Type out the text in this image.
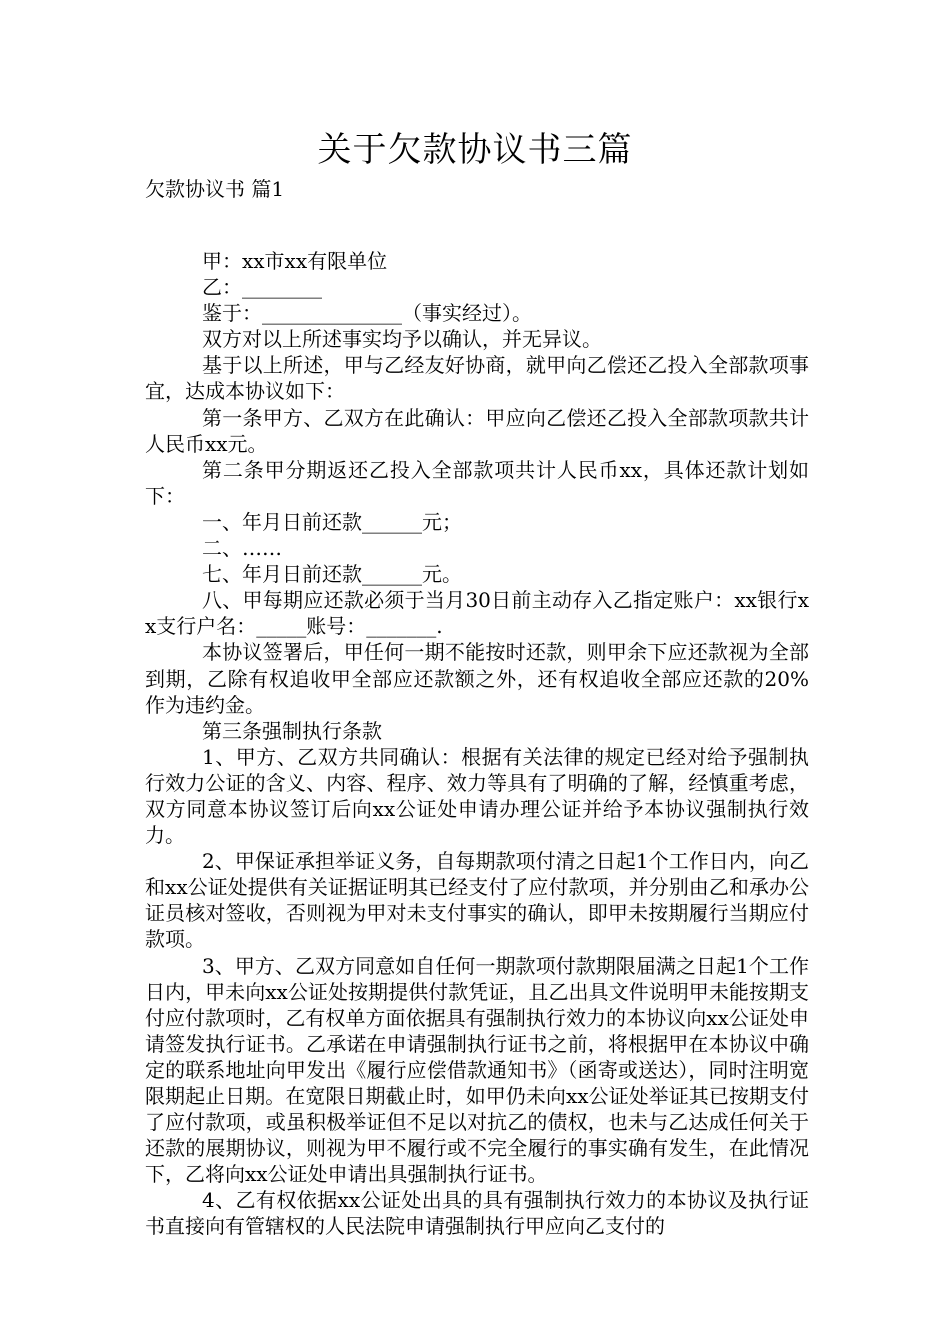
关于欠款协议书三篇
欠款协议书 篇1

甲：xx市xx有限单位

乙：________

鉴于：______________（事实经过）。

双方对以上所述事实均予以确认，并无异议。

基于以上所述，甲与乙经友好协商，就甲向乙偿还乙投入全部款项事宜，达成本协议如下：

第一条甲方、乙双方在此确认：甲应向乙偿还乙投入全部款项款共计人民币xx元。

第二条甲分期返还乙投入全部款项共计人民币xx，具体还款计划如下：

一、年月日前还款______元；

二、……

七、年月日前还款______元。

八、甲每期应还款必须于当月30日前主动存入乙指定账户：xx银行xx支行户名：_____账号：_______.

本协议签署后，甲任何一期不能按时还款，则甲余下应还款视为全部到期，乙除有权追收甲全部应还款额之外，还有权追收全部应还款的20%作为违约金。

第三条强制执行条款

1、甲方、乙双方共同确认：根据有关法律的规定已经对给予强制执行效力公证的含义、内容、程序、效力等具有了明确的了解，经慎重考虑，双方同意本协议签订后向xx公证处申请办理公证并给予本协议强制执行效力。

2、甲保证承担举证义务，自每期款项付清之日起1个工作日内，向乙和xx公证处提供有关证据证明其已经支付了应付款项，并分别由乙和承办公证员核对签收，否则视为甲对未支付事实的确认，即甲未按期履行当期应付款项。

3、甲方、乙双方同意如自任何一期款项付款期限届满之日起1个工作日内，甲未向xx公证处按期提供付款凭证，且乙出具文件说明甲未能按期支付应付款项时，乙有权单方面依据具有强制执行效力的本协议向xx公证处申请签发执行证书。乙承诺在申请强制执行证书之前，将根据甲在本协议中确定的联系地址向甲发出《履行应偿借款通知书》（函寄或送达），同时注明宽限期起止日期。在宽限日期截止时，如甲仍未向xx公证处举证其已按期支付了应付款项，或虽积极举证但不足以对抗乙的债权，也未与乙达成任何关于还款的展期协议，则视为甲不履行或不完全履行的事实确有发生，在此情况下，乙将向xx公证处申请出具强制执行证书。

4、乙有权依据xx公证处出具的具有强制执行效力的本协议及执行证书直接向有管辖权的人民法院申请强制执行甲应向乙支付的
